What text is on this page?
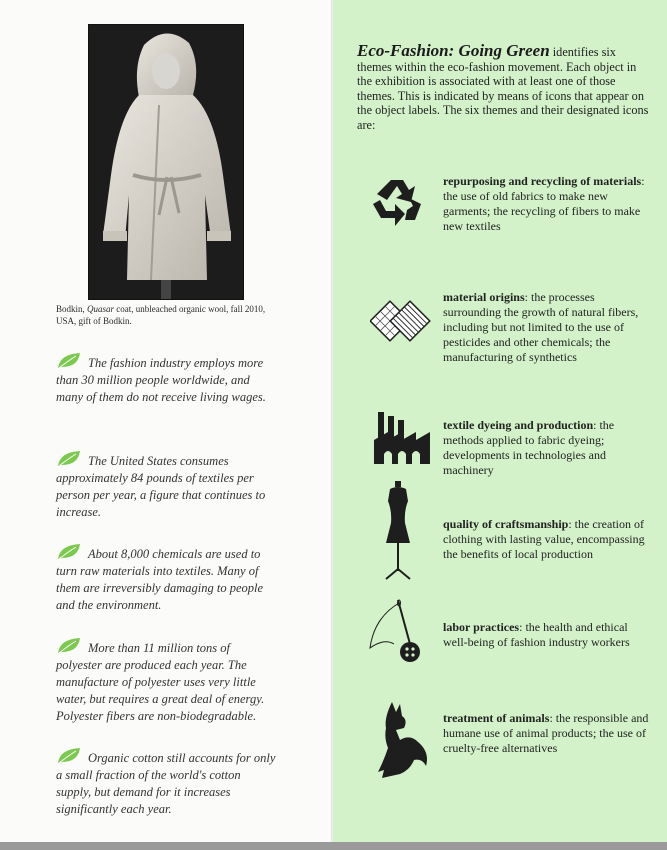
Bodkin, Quasar coat, unbleached organic wool, fall 2010, USA, gift of Bodkin.
The fashion industry employs more than 30 million people worldwide, and many of them do not receive living wages.
The United States consumes approximately 84 pounds of textiles per person per year, a figure that continues to increase.
About 8,000 chemicals are used to turn raw materials into textiles. Many of them are irreversibly damaging to people and the environment.
More than 11 million tons of polyester are produced each year. The manufacture of polyester uses very little water, but requires a great deal of energy. Polyester fibers are non-biodegradable.
Organic cotton still accounts for only a small fraction of the world's cotton supply, but demand for it increases significantly each year.
Eco-Fashion: Going Green identifies six themes within the eco-fashion movement. Each object in the exhibition is associated with at least one of those themes. This is indicated by means of icons that appear on the object labels. The six themes and their designated icons are:
repurposing and recycling of materials: the use of old fabrics to make new garments; the recycling of fibers to make new textiles
material origins: the processes surrounding the growth of natural fibers, including but not limited to the use of pesticides and other chemicals; the manufacturing of synthetics
textile dyeing and production: the methods applied to fabric dyeing; developments in technologies and machinery
quality of craftsmanship: the creation of clothing with lasting value, encompassing the benefits of local production
labor practices: the health and ethical well-being of fashion industry workers
treatment of animals: the responsible and humane use of animal products; the use of cruelty-free alternatives
